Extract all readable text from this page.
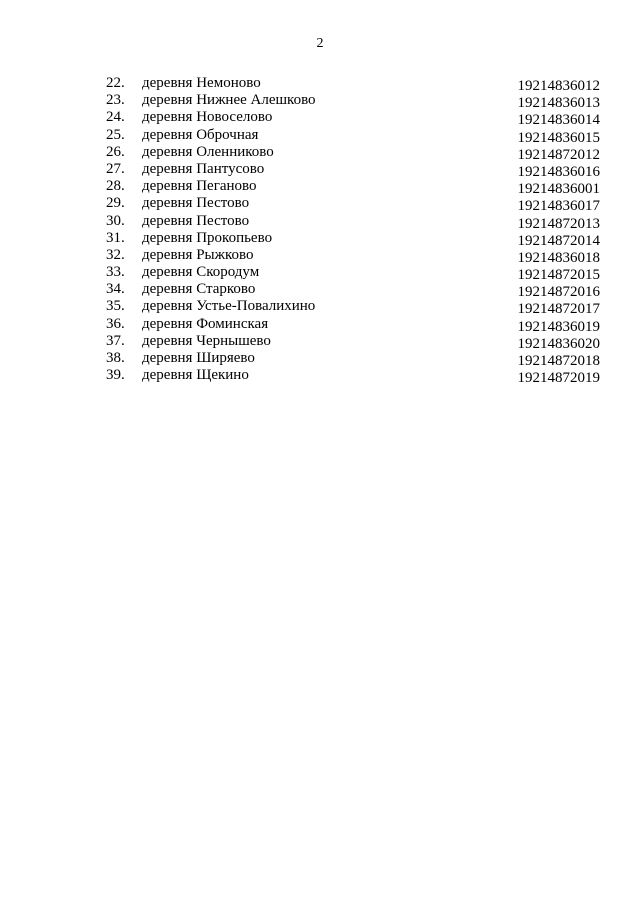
2
22.	деревня Немоново	19214836012
23.	деревня Нижнее Алешково	19214836013
24.	деревня Новоселово	19214836014
25.	деревня Оброчная	19214836015
26.	деревня Оленниково	19214872012
27.	деревня Пантусово	19214836016
28.	деревня Пеганово	19214836001
29.	деревня Пестово	19214836017
30.	деревня Пестово	19214872013
31.	деревня Прокопьево	19214872014
32.	деревня Рыжково	19214836018
33.	деревня Скородум	19214872015
34.	деревня Старково	19214872016
35.	деревня Устье-Повалихино	19214872017
36.	деревня Фоминская	19214836019
37.	деревня Чернышево	19214836020
38.	деревня Ширяево	19214872018
39.	деревня Щекино	19214872019
